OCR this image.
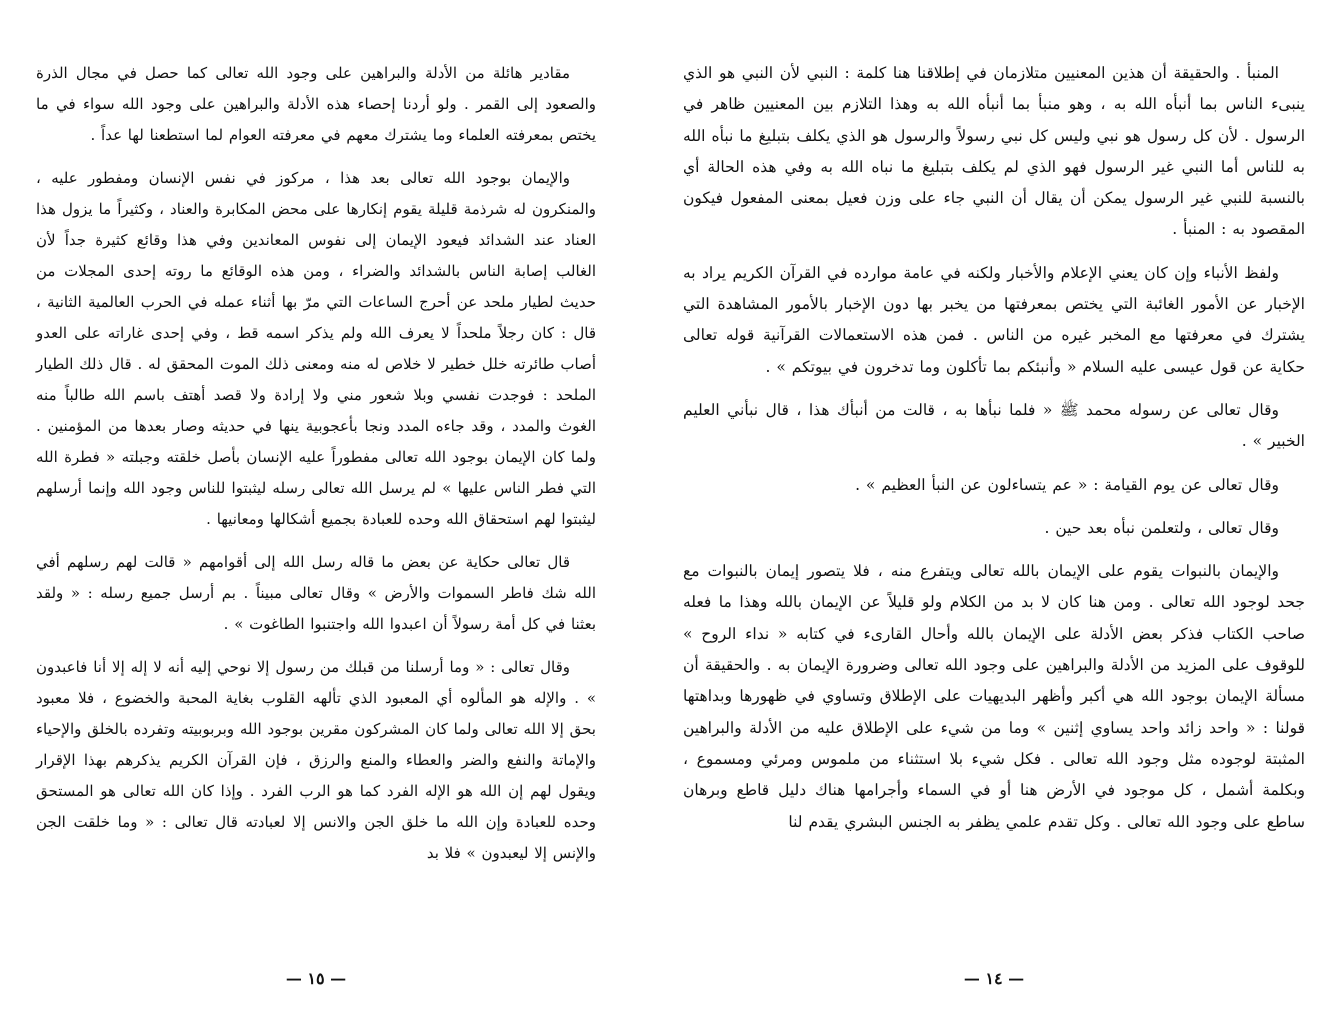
مقادير هائلة من الأدلة والبراهين على وجود الله تعالى كما حصل في مجال الذرة والصعود إلى القمر . ولو أردنا إحصاء هذه الأدلة والبراهين على وجود الله سواء في ما يختص بمعرفته العلماء وما يشترك معهم في معرفته العوام لما استطعنا لها عداً .

والإيمان بوجود الله تعالى بعد هذا ، مركوز في نفس الإنسان ومفطور عليه ، والمنكرون له شرذمة قليلة يقوم إنكارها على محض المكابرة والعناد ، وكثيراً ما يزول هذا العناد عند الشدائد فيعود الإيمان إلى نفوس المعاندين وفي هذا وقائع كثيرة جداً لأن الغالب إصابة الناس بالشدائد والضراء ، ومن هذه الوقائع ما روته إحدى المجلات من حديث لطيار ملحد عن أحرج الساعات التي مرّ بها أثناء عمله في الحرب العالمية الثانية ، قال : كان رجلاً ملحداً لا يعرف الله ولم يذكر اسمه قط ، وفي إحدى غاراته على العدو أصاب طائرته خلل خطير لا خلاص له منه ومعنى ذلك الموت المحقق له . قال ذلك الطيار الملحد : فوجدت نفسي وبلا شعور مني ولا إرادة ولا قصد أهتف باسم الله طالباً منه الغوث والمدد ، وقد جاءه المدد ونجا بأعجوبية ينها في حديثه وصار بعدها من المؤمنين . ولما كان الإيمان بوجود الله تعالى مفطوراً عليه الإنسان بأصل خلقته وجبلته « فطرة الله التي فطر الناس عليها » لم يرسل الله تعالى رسله ليثبتوا للناس وجود الله وإنما أرسلهم ليثبتوا لهم استحقاق الله وحده للعبادة بجميع أشكالها ومعانيها .

قال تعالى حكاية عن بعض ما قاله رسل الله إلى أقوامهم « قالت لهم رسلهم أفي الله شك فاطر السموات والأرض » وقال تعالى مبيناً . بم أرسل جميع رسله : « ولقد بعثنا في كل أمة رسولاً أن اعبدوا الله واجتنبوا الطاغوت » .

وقال تعالى : « وما أرسلنا من قبلك من رسول إلا نوحي إليه أنه لا إله إلا أنا فاعبدون » . والإله هو المألوه أي المعبود الذي تألهه القلوب بغاية المحبة والخضوع ، فلا معبود بحق إلا الله تعالى ولما كان المشركون مقرين بوجود الله وبربوبيته وتفرده بالخلق والإحياء والإماتة والنفع والضر والعطاء والمنع والرزق ، فإن القرآن الكريم يذكرهم بهذا الإقرار ويقول لهم إن الله هو الإله الفرد كما هو الرب الفرد . وإذا كان الله تعالى هو المستحق وحده للعبادة وإن الله ما خلق الجن والانس إلا لعبادته قال تعالى : « وما خلقت الجن والإنس إلا ليعبدون » فلا بد

— ١٥ —

المنبأ . والحقيقة أن هذين المعنيين متلازمان في إطلاقنا هنا كلمة : النبي لأن النبي هو الذي ينبىء الناس بما أنبأه الله به ، وهو منبأ بما أنبأه الله به وهذا التلازم بين المعنيين ظاهر في الرسول . لأن كل رسول هو نبي وليس كل نبي رسولاً والرسول هو الذي يكلف بتبليغ ما نبأه الله به للناس أما النبي غير الرسول فهو الذي لم يكلف بتبليغ ما نباه الله به وفي هذه الحالة أي بالنسبة للنبي غير الرسول يمكن أن يقال أن النبي جاء على وزن فعيل بمعنى المفعول فيكون المقصود به : المنبأ .

ولفظ الأنباء وإن كان يعني الإعلام والأخبار ولكنه في عامة موارده في القرآن الكريم يراد به الإخبار عن الأمور الغائبة التي يختص بمعرفتها من يخبر بها دون الإخبار بالأمور المشاهدة التي يشترك في معرفتها مع المخبر غيره من الناس . فمن هذه الاستعمالات القرآنية قوله تعالى حكاية عن قول عيسى عليه السلام « وأنبئكم بما تأكلون وما تدخرون في بيوتكم » .

وقال تعالى عن رسوله محمد ﷺ « فلما نبأها به ، قالت من أنبأك هذا ، قال نبأني العليم الخبير » .

وقال تعالى عن يوم القيامة : « عم يتساءلون عن النبأ العظيم » .

وقال تعالى ، ولتعلمن نبأه بعد حين .

والإيمان بالنبوات يقوم على الإيمان بالله تعالى ويتفرع منه ، فلا يتصور إيمان بالنبوات مع جحد لوجود الله تعالى . ومن هنا كان لا بد من الكلام ولو قليلاً عن الإيمان بالله وهذا ما فعله صاحب الكتاب فذكر بعض الأدلة على الإيمان بالله وأحال القارىء في كتابه « نداء الروح » للوقوف على المزيد من الأدلة والبراهين على وجود الله تعالى وضرورة الإيمان به . والحقيقة أن مسألة الإيمان بوجود الله هي أكبر وأظهر البديهيات على الإطلاق وتساوي في ظهورها وبداهتها قولنا : « واحد زائد واحد يساوي إثنين » وما من شيء على الإطلاق عليه من الأدلة والبراهين المثبتة لوجوده مثل وجود الله تعالى . فكل شيء بلا استثناء من ملموس ومرئي ومسموع ، وبكلمة أشمل ، كل موجود في الأرض هنا أو في السماء وأجرامها هناك دليل قاطع وبرهان ساطع على وجود الله تعالى . وكل تقدم علمي يظفر به الجنس البشري يقدم لنا

— ١٤ —
